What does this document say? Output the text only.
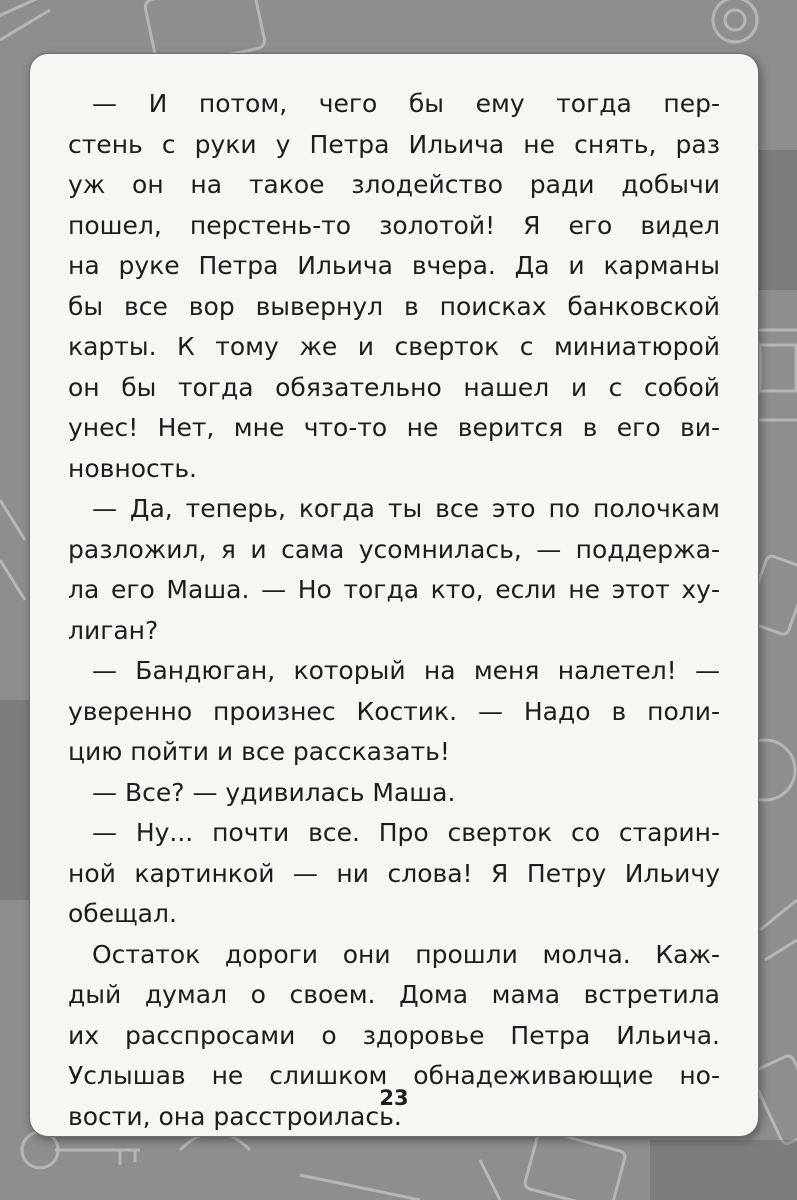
— И потом, чего бы ему тогда пер-
стень с руки у Петра Ильича не снять, раз
уж он на такое злодейство ради добычи
пошел, перстень-то золотой! Я его видел
на руке Петра Ильича вчера. Да и карманы
бы все вор вывернул в поисках банковской
карты. К тому же и сверток с миниатюрой
он бы тогда обязательно нашел и с собой
унес! Нет, мне что-то не верится в его ви-
новность.
— Да, теперь, когда ты все это по полочкам
разложил, я и сама усомнилась, — поддержа-
ла его Маша. — Но тогда кто, если не этот ху-
лиган?
— Бандюган, который на меня налетел! —
уверенно произнес Костик. — Надо в поли-
цию пойти и все рассказать!
— Все? — удивилась Маша.
— Ну... почти все. Про сверток со старин-
ной картинкой — ни слова! Я Петру Ильичу
обещал.
Остаток дороги они прошли молча. Каж-
дый думал о своем. Дома мама встретила
их расспросами о здоровье Петра Ильича.
Услышав не слишком обнадеживающие но-
вости, она расстроилась.
23
